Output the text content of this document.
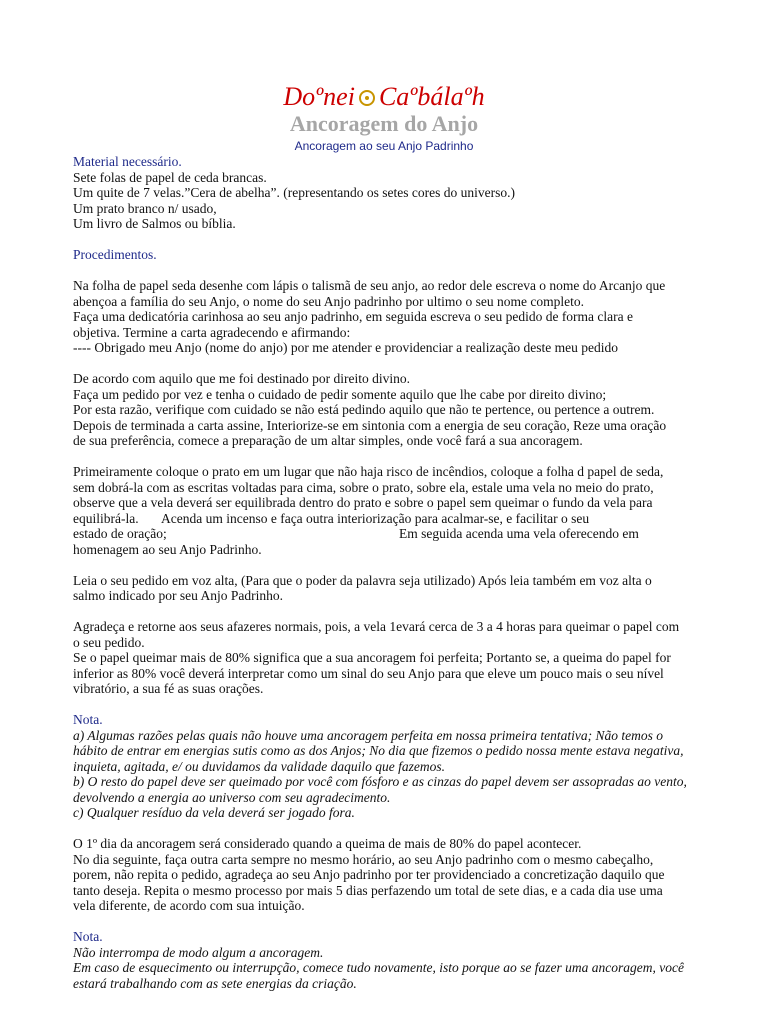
Doºnei Caºbálaºh
Ancoragem do Anjo
Ancoragem ao seu Anjo Padrinho
Material necessário.
Sete folas de papel de ceda brancas.
Um quite de 7 velas.”Cera de abelha”. (representando os setes cores do universo.)
Um prato branco n/ usado,
Um livro de Salmos ou bíblia.
Procedimentos.
Na folha de papel seda desenhe com lápis o talismã de seu anjo, ao redor dele escreva o nome do Arcanjo que
abençoa a família do seu Anjo, o nome do seu Anjo padrinho por ultimo o seu nome completo.
Faça uma dedicatória carinhosa ao seu anjo padrinho, em seguida escreva o seu pedido de forma clara e
objetiva. Termine a carta agradecendo e afirmando:
---- Obrigado meu Anjo (nome do anjo) por me atender e providenciar a realização deste meu pedido
De acordo com aquilo que me foi destinado por direito divino.
Faça um pedido por vez e tenha o cuidado de pedir somente aquilo que lhe cabe por direito divino;
Por esta razão, verifique com cuidado se não está pedindo aquilo que não te pertence, ou pertence a outrem.
Depois de terminada a carta assine, Interiorize-se em sintonia com a energia de seu coração, Reze uma oração
de sua preferência, comece a preparação de um altar simples, onde você fará a sua ancoragem.
Primeiramente coloque o prato em um lugar que não haja risco de incêndios, coloque a folha d papel de seda,
sem dobrá-la com as escritas voltadas para cima, sobre o prato, sobre ela, estale uma vela no meio do prato,
observe que a vela deverá ser equilibrada dentro do prato e sobre o papel sem queimar o fundo da vela para
equilibrá-la. Acenda um incenso e faça outra interiorização para acalmar-se, e facilitar o seu
estado de oração;	Em seguida acenda uma vela oferecendo em
homenagem ao seu Anjo Padrinho.
Leia o seu pedido em voz alta, (Para que o poder da palavra seja utilizado) Após leia também em voz alta o
salmo indicado por seu Anjo Padrinho.
Agradeça e retorne aos seus afazeres normais, pois, a vela 1evará cerca de 3 a 4 horas para queimar o papel com
o seu pedido.
Se o papel queimar mais de 80% significa que a sua ancoragem foi perfeita; Portanto se, a queima do papel for
inferior as 80% você deverá interpretar como um sinal do seu Anjo para que eleve um pouco mais o seu nível
vibratório, a sua fé as suas orações.
Nota.
a) Algumas razões pelas quais não houve uma ancoragem perfeita em nossa primeira tentativa; Não temos o
hábito de entrar em energias sutis como as dos Anjos; No dia que fizemos o pedido nossa mente estava negativa,
inquieta, agitada, e/ ou duvidamos da validade daquilo que fazemos.
b) O resto do papel deve ser queimado por você com fósforo e as cinzas do papel devem ser assopradas ao vento,
devolvendo a energia ao universo com seu agradecimento.
c) Qualquer resíduo da vela deverá ser jogado fora.
O 1º dia da ancoragem será considerado quando a queima de mais de 80% do papel acontecer.
No dia seguinte, faça outra carta sempre no mesmo horário, ao seu Anjo padrinho com o mesmo cabeçalho,
porem, não repita o pedido, agradeça ao seu Anjo padrinho por ter providenciado a concretização daquilo que
tanto deseja. Repita o mesmo processo por mais 5 dias perfazendo um total de sete dias, e a cada dia use uma
vela diferente, de acordo com sua intuição.
Nota.
Não interrompa de modo algum a ancoragem.
Em caso de esquecimento ou interrupção, comece tudo novamente, isto porque ao se fazer uma ancoragem, você
estará trabalhando com as sete energias da criação.
